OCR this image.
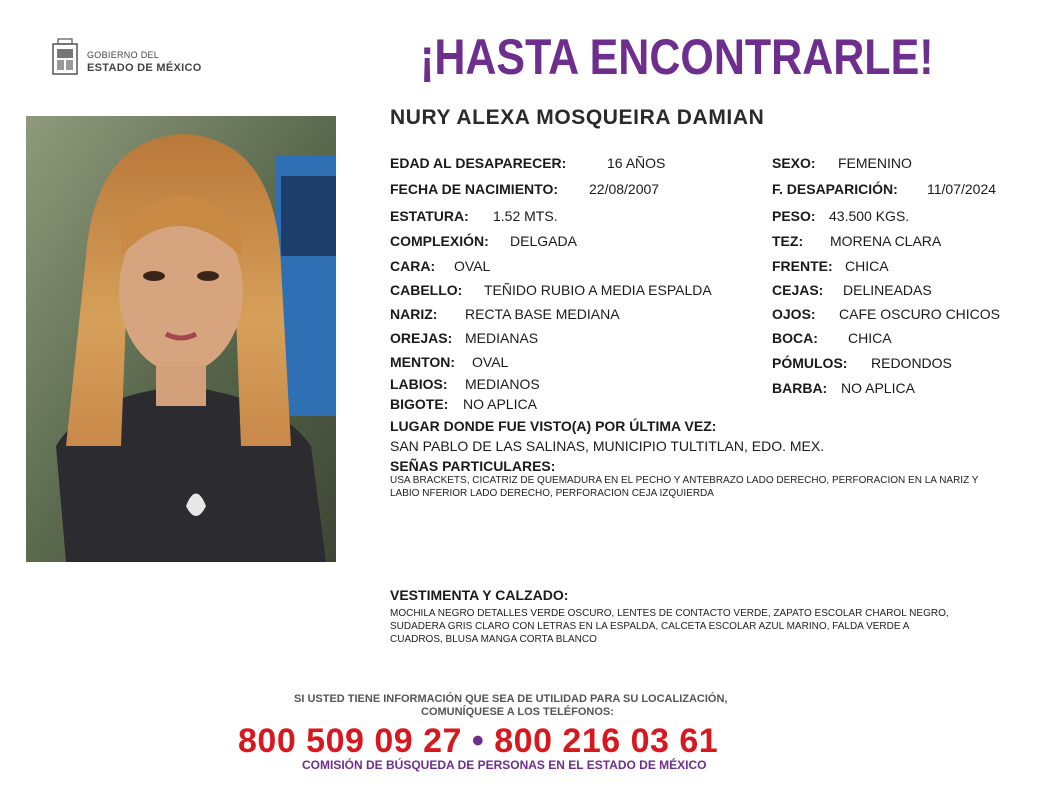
GOBIERNO DEL
ESTADO DE MÉXICO	¡HASTA ENCONTRARLE!
NURY ALEXA MOSQUEIRA DAMIAN
EDAD AL DESAPARECER:	16 AÑOS
FECHA DE NACIMIENTO: 22/08/2007
ESTATURA: 1.52 MTS.
COMPLEXIÓN: DELGADA
CARA: OVAL
CABELLO: TEÑIDO RUBIO A MEDIA ESPALDA
NARIZ: RECTA BASE MEDIANA
OREJAS: MEDIANAS
MENTON: OVAL
LABIOS: MEDIANOS
BIGOTE: NO APLICA
SEXO: FEMENINO
F. DESAPARICIÓN: 11/07/2024
PESO: 43.500 KGS.
TEZ: MORENA CLARA
FRENTE: CHICA
CEJAS: DELINEADAS
OJOS: CAFE OSCURO CHICOS
BOCA: CHICA
PÓMULOS: REDONDOS
BARBA: NO APLICA
LUGAR DONDE FUE VISTO(A) POR ÚLTIMA VEZ:
SAN PABLO DE LAS SALINAS, MUNICIPIO TULTITLAN, EDO. MEX.
SEÑAS PARTICULARES:
USA BRACKETS, CICATRIZ DE QUEMADURA EN EL PECHO Y ANTEBRAZO LADO DERECHO, PERFORACION EN LA NARIZ Y
LABIO NFERIOR LADO DERECHO, PERFORACION CEJA IZQUIERDA
VESTIMENTA Y CALZADO:
MOCHILA NEGRO DETALLES VERDE OSCURO, LENTES DE CONTACTO VERDE, ZAPATO ESCOLAR CHAROL NEGRO,
SUDADERA GRIS CLARO CON LETRAS EN LA ESPALDA, CALCETA ESCOLAR AZUL MARINO, FALDA VERDE A
CUADROS, BLUSA MANGA CORTA BLANCO
SI USTED TIENE INFORMACIÓN QUE SEA DE UTILIDAD PARA SU LOCALIZACIÓN,
COMUNÍQUESE A LOS TELÉFONOS:
800 509 09 27 • 800 216 03 61
COMISIÓN DE BÚSQUEDA DE PERSONAS EN EL ESTADO DE MÉXICO
